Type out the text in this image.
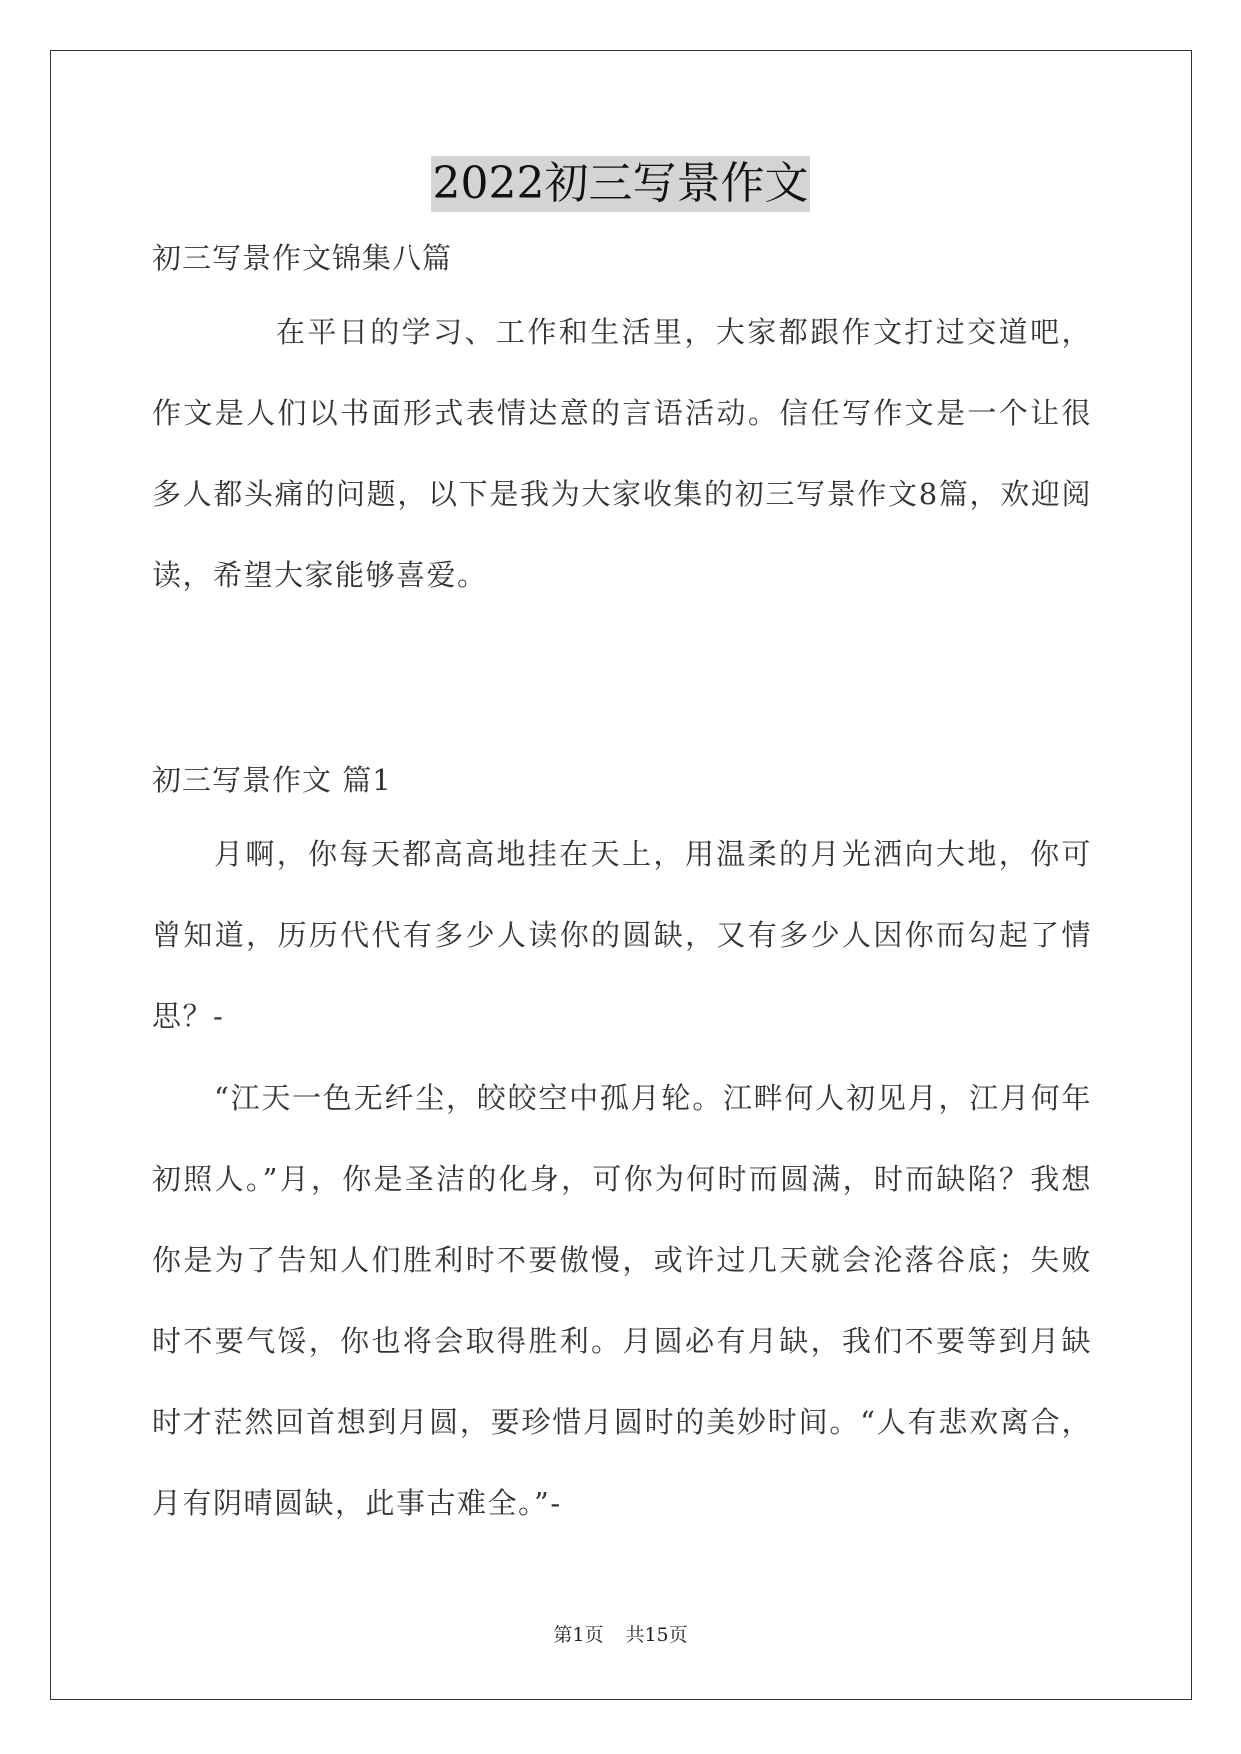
2022初三写景作文
初三写景作文锦集八篇

在平日的学习、工作和生活里，大家都跟作文打过交道吧，作文是人们以书面形式表情达意的言语活动。信任写作文是一个让很多人都头痛的问题，以下是我为大家收集的初三写景作文8篇，欢迎阅读，希望大家能够喜爱。

初三写景作文 篇1

月啊，你每天都高高地挂在天上，用温柔的月光洒向大地，你可曾知道，历历代代有多少人读你的圆缺，又有多少人因你而勾起了情思？-

“江天一色无纤尘，皎皎空中孤月轮。江畔何人初见月，江月何年初照人。”月，你是圣洁的化身，可你为何时而圆满，时而缺陷？我想你是为了告知人们胜利时不要傲慢，或许过几天就会沦落谷底；失败时不要气馁，你也将会取得胜利。月圆必有月缺，我们不要等到月缺时才茫然回首想到月圆，要珍惜月圆时的美妙时间。“人有悲欢离合，月有阴晴圆缺，此事古难全。”-

第1页 共15页
